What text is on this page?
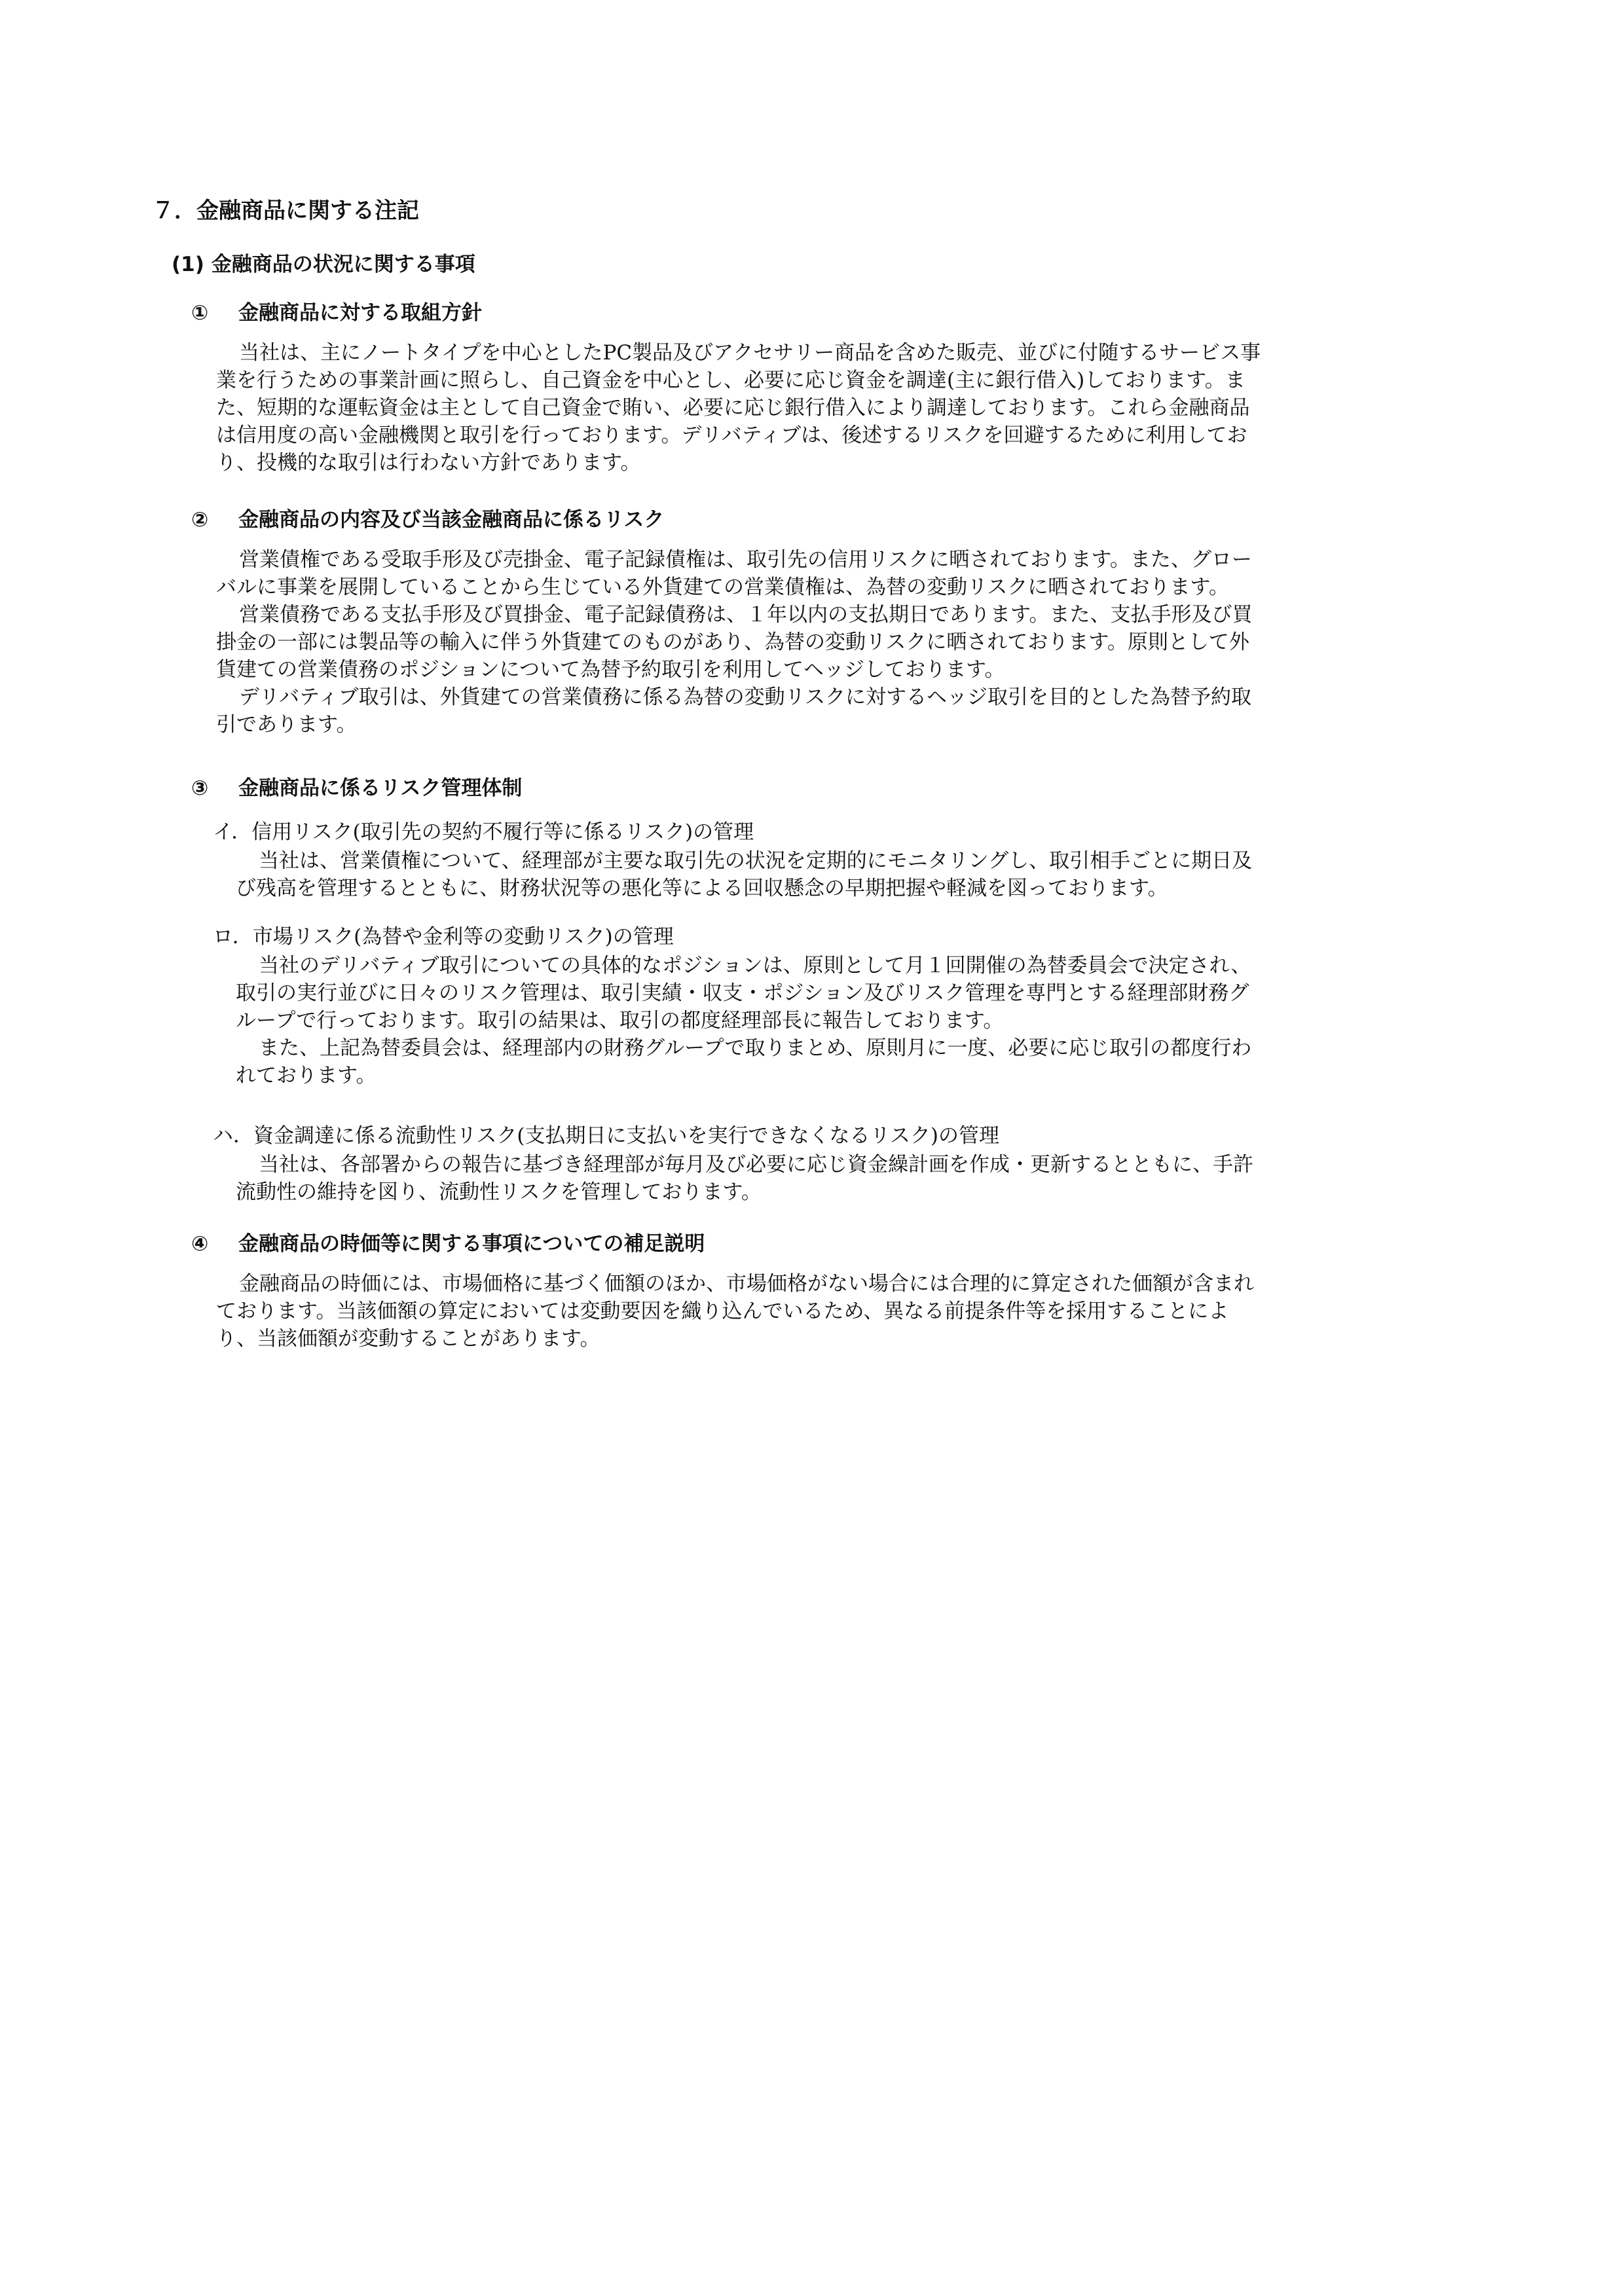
７．金融商品に関する注記
(1) 金融商品の状況に関する事項
① 金融商品に対する取組方針
当社は、主にノートタイプを中心としたPC製品及びアクセサリー商品を含めた販売、並びに付随するサービス事
業を行うための事業計画に照らし、自己資金を中心とし、必要に応じ資金を調達(主に銀行借入)しております。ま
た、短期的な運転資金は主として自己資金で賄い、必要に応じ銀行借入により調達しております。これら金融商品
は信用度の高い金融機関と取引を行っております。デリバティブは、後述するリスクを回避するために利用してお
り、投機的な取引は行わない方針であります。
② 金融商品の内容及び当該金融商品に係るリスク
営業債権である受取手形及び売掛金、電子記録債権は、取引先の信用リスクに晒されております。また、グロー
バルに事業を展開していることから生じている外貨建ての営業債権は、為替の変動リスクに晒されております。
営業債務である支払手形及び買掛金、電子記録債務は、１年以内の支払期日であります。また、支払手形及び買
掛金の一部には製品等の輸入に伴う外貨建てのものがあり、為替の変動リスクに晒されております。原則として外
貨建ての営業債務のポジションについて為替予約取引を利用してヘッジしております。
デリバティブ取引は、外貨建ての営業債務に係る為替の変動リスクに対するヘッジ取引を目的とした為替予約取
引であります。
③ 金融商品に係るリスク管理体制
イ．信用リスク(取引先の契約不履行等に係るリスク)の管理
当社は、営業債権について、経理部が主要な取引先の状況を定期的にモニタリングし、取引相手ごとに期日及
び残高を管理するとともに、財務状況等の悪化等による回収懸念の早期把握や軽減を図っております。
ロ．市場リスク(為替や金利等の変動リスク)の管理
当社のデリバティブ取引についての具体的なポジションは、原則として月１回開催の為替委員会で決定され、
取引の実行並びに日々のリスク管理は、取引実績・収支・ポジション及びリスク管理を専門とする経理部財務グ
ループで行っております。取引の結果は、取引の都度経理部長に報告しております。
また、上記為替委員会は、経理部内の財務グループで取りまとめ、原則月に一度、必要に応じ取引の都度行わ
れております。
ハ．資金調達に係る流動性リスク(支払期日に支払いを実行できなくなるリスク)の管理
当社は、各部署からの報告に基づき経理部が毎月及び必要に応じ資金繰計画を作成・更新するとともに、手許
流動性の維持を図り、流動性リスクを管理しております。
④ 金融商品の時価等に関する事項についての補足説明
金融商品の時価には、市場価格に基づく価額のほか、市場価格がない場合には合理的に算定された価額が含まれ
ております。当該価額の算定においては変動要因を織り込んでいるため、異なる前提条件等を採用することによ
り、当該価額が変動することがあります。
